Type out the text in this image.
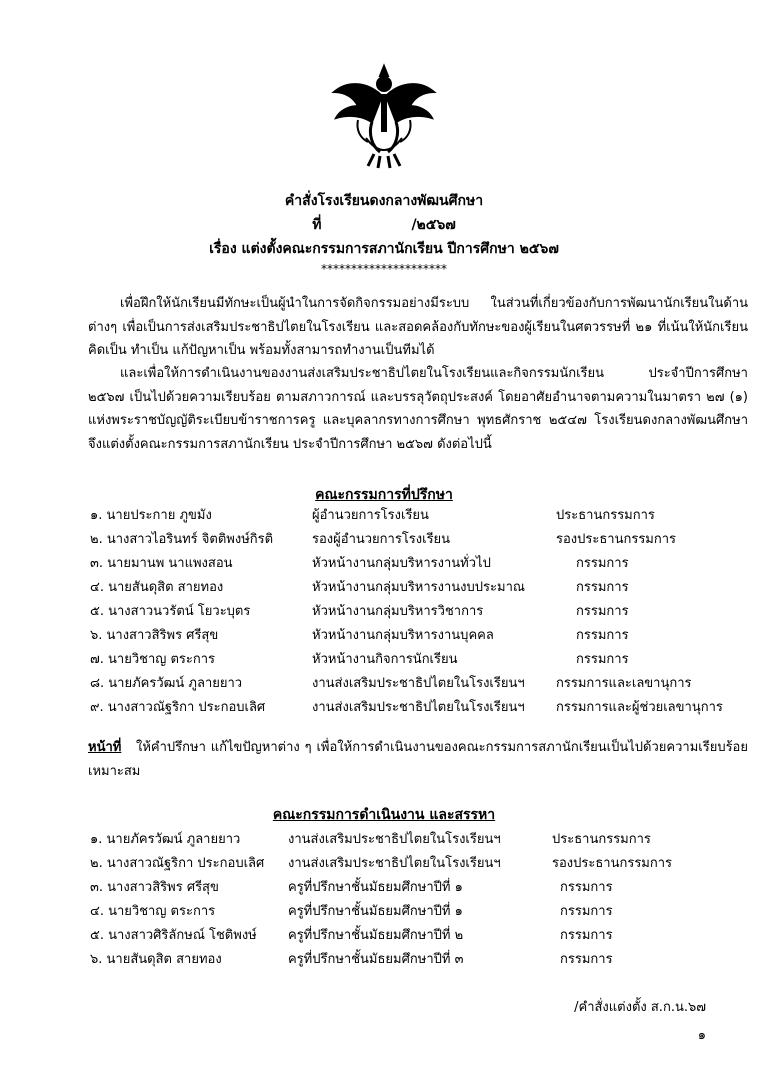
คำสั่งโรงเรียนดงกลางพัฒนศึกษา
ที่	/๒๕๖๗
เรื่อง แต่งตั้งคณะกรรมการสภานักเรียน ปีการศึกษา ๒๕๖๗
*********************
เพื่อฝึกให้นักเรียนมีทักษะเป็นผู้นำในการจัดกิจกรรมอย่างมีระบบ ในส่วนที่เกี่ยวข้องกับการพัฒนานักเรียนในด้านต่างๆ เพื่อเป็นการส่งเสริมประชาธิปไตยในโรงเรียน และสอดคล้องกับทักษะของผู้เรียนในศตวรรษที่ ๒๑ ที่เน้นให้นักเรียนคิดเป็น ทำเป็น แก้ปัญหาเป็น พร้อมทั้งสามารถทำงานเป็นทีมได้
และเพื่อให้การดำเนินงานของงานส่งเสริมประชาธิปไตยในโรงเรียนและกิจกรรมนักเรียน ประจำปีการศึกษา ๒๕๖๗ เป็นไปด้วยความเรียบร้อย ตามสภาวการณ์ และบรรลุวัตถุประสงค์ โดยอาศัยอำนาจตามความในมาตรา ๒๗ (๑) แห่งพระราชบัญญัติระเบียบข้าราชการครู และบุคลากรทางการศึกษา พุทธศักราช ๒๕๔๗ โรงเรียนดงกลางพัฒนศึกษา จึงแต่งตั้งคณะกรรมการสภานักเรียน ประจำปีการศึกษา ๒๕๖๗ ดังต่อไปนี้
คณะกรรมการที่ปรึกษา
๑. นายประกาย ภูขมัง	ผู้อำนวยการโรงเรียน	ประธานกรรมการ
๒. นางสาวไอรินทร์ จิตติพงษ์กิรติ	รองผู้อำนวยการโรงเรียน	รองประธานกรรมการ
๓. นายมานพ นาแพงสอน	หัวหน้างานกลุ่มบริหารงานทั่วไป	กรรมการ
๔. นายสันดุสิต สายทอง	หัวหน้างานกลุ่มบริหารงานงบประมาณ	กรรมการ
๕. นางสาวนวรัตน์ โยวะบุตร	หัวหน้างานกลุ่มบริหารวิชาการ	กรรมการ
๖. นางสาวสิริพร ศรีสุข	หัวหน้างานกลุ่มบริหารงานบุคคล	กรรมการ
๗. นายวิชาญ ตระการ	หัวหน้างานกิจการนักเรียน	กรรมการ
๘. นายภัครวัฒน์ ภูลายยาว	งานส่งเสริมประชาธิปไตยในโรงเรียนฯ กรรมการและเลขานุการ
๙. นางสาวณัฐริกา ประกอบเลิศ	งานส่งเสริมประชาธิปไตยในโรงเรียนฯ กรรมการและผู้ช่วยเลขานุการ
หน้าที่ ให้คำปรึกษา แก้ไขปัญหาต่าง ๆ เพื่อให้การดำเนินงานของคณะกรรมการสภานักเรียนเป็นไปด้วยความเรียบร้อยเหมาะสม
คณะกรรมการดำเนินงาน และสรรหา
๑. นายภัครวัฒน์ ภูลายยาว	งานส่งเสริมประชาธิปไตยในโรงเรียนฯ	ประธานกรรมการ
๒. นางสาวณัฐริกา ประกอบเลิศ งานส่งเสริมประชาธิปไตยในโรงเรียนฯ	รองประธานกรรมการ
๓. นางสาวสิริพร ศรีสุข	ครูที่ปรึกษาชั้นมัธยมศึกษาปีที่ ๑	กรรมการ
๔. นายวิชาญ ตระการ	ครูที่ปรึกษาชั้นมัธยมศึกษาปีที่ ๑	กรรมการ
๕. นางสาวศิริลักษณ์ โชติพงษ์ ครูที่ปรึกษาชั้นมัธยมศึกษาปีที่ ๒	กรรมการ
๖. นายสันดุสิต สายทอง	ครูที่ปรึกษาชั้นมัธยมศึกษาปีที่ ๓	กรรมการ
/คำสั่งแต่งตั้ง ส.ก.น.๖๗
๑
